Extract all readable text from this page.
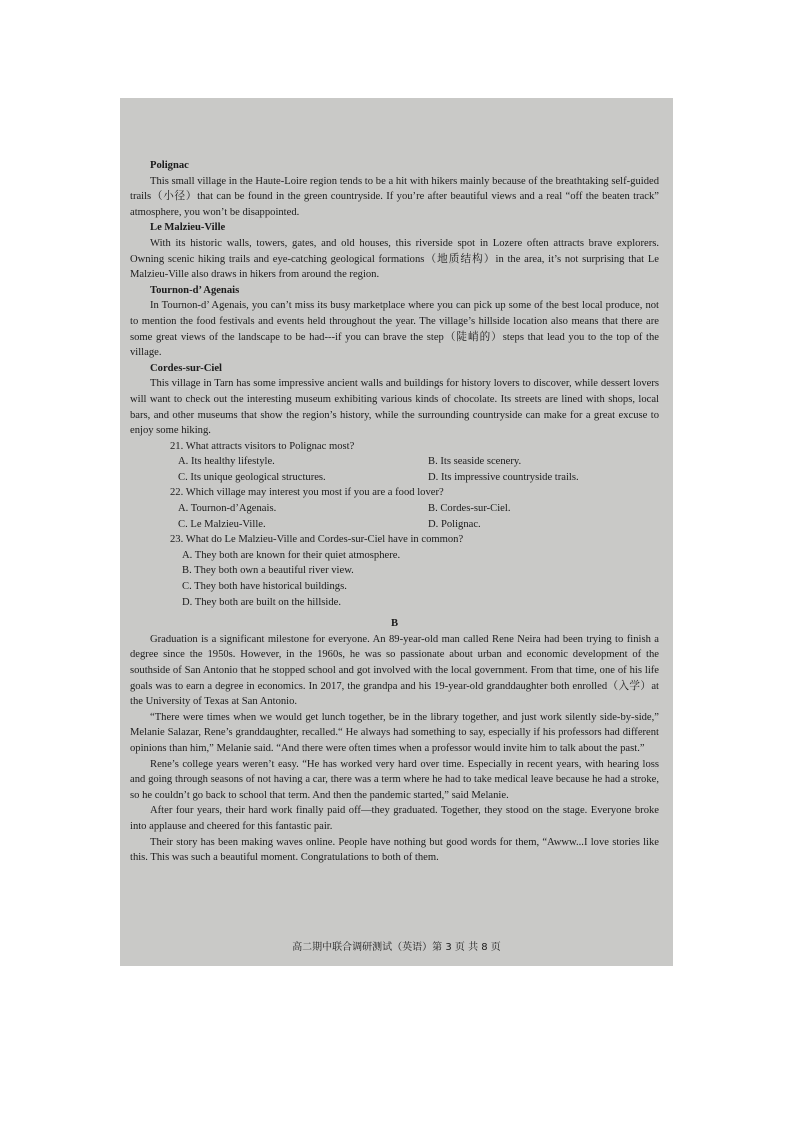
Polignac
This small village in the Haute-Loire region tends to be a hit with hikers mainly because of the breathtaking self-guided trails（小径）that can be found in the green countryside. If you’re after beautiful views and a real “off the beaten track” atmosphere, you won’t be disappointed.
Le Malzieu-Ville
With its historic walls, towers, gates, and old houses, this riverside spot in Lozere often attracts brave explorers. Owning scenic hiking trails and eye-catching geological formations（地质结构）in the area, it’s not surprising that Le Malzieu-Ville also draws in hikers from around the region.
Tournon-d’ Agenais
In Tournon-d’ Agenais, you can’t miss its busy marketplace where you can pick up some of the best local produce, not to mention the food festivals and events held throughout the year. The village’s hillside location also means that there are some great views of the landscape to be had---if you can brave the step（陡峭的）steps that lead you to the top of the village.
Cordes-sur-Ciel
This village in Tarn has some impressive ancient walls and buildings for history lovers to discover, while dessert lovers will want to check out the interesting museum exhibiting various kinds of chocolate. Its streets are lined with shops, local bars, and other museums that show the region’s history, while the surrounding countryside can make for a great excuse to enjoy some hiking.
21. What attracts visitors to Polignac most?
A. Its healthy lifestyle.	B. Its seaside scenery.
C. Its unique geological structures.	D. Its impressive countryside trails.
22. Which village may interest you most if you are a food lover?
A. Tournon-d’Agenais.	B. Cordes-sur-Ciel.
C. Le Malzieu-Ville.	D. Polignac.
23. What do Le Malzieu-Ville and Cordes-sur-Ciel have in common?
A. They both are known for their quiet atmosphere.
B. They both own a beautiful river view.
C. They both have historical buildings.
D. They both are built on the hillside.
B
Graduation is a significant milestone for everyone. An 89-year-old man called Rene Neira had been trying to finish a degree since the 1950s. However, in the 1960s, he was so passionate about urban and economic development of the southside of San Antonio that he stopped school and got involved with the local government. From that time, one of his life goals was to earn a degree in economics. In 2017, the grandpa and his 19-year-old granddaughter both enrolled（入学）at the University of Texas at San Antonio.
“There were times when we would get lunch together, be in the library together, and just work silently side-by-side,” Melanie Salazar, Rene’s granddaughter, recalled.“ He always had something to say, especially if his professors had different opinions than him,” Melanie said. “And there were often times when a professor would invite him to talk about the past.”
Rene’s college years weren’t easy. “He has worked very hard over time. Especially in recent years, with hearing loss and going through seasons of not having a car, there was a term where he had to take medical leave because he had a stroke, so he couldn’t go back to school that term. And then the pandemic started,” said Melanie.
After four years, their hard work finally paid off—they graduated. Together, they stood on the stage. Everyone broke into applause and cheered for this fantastic pair.
Their story has been making waves online. People have nothing but good words for them, “Awww...I love stories like this. This was such a beautiful moment. Congratulations to both of them.
高二期中联合调研测试（英语）第 3 页 共 8 页
